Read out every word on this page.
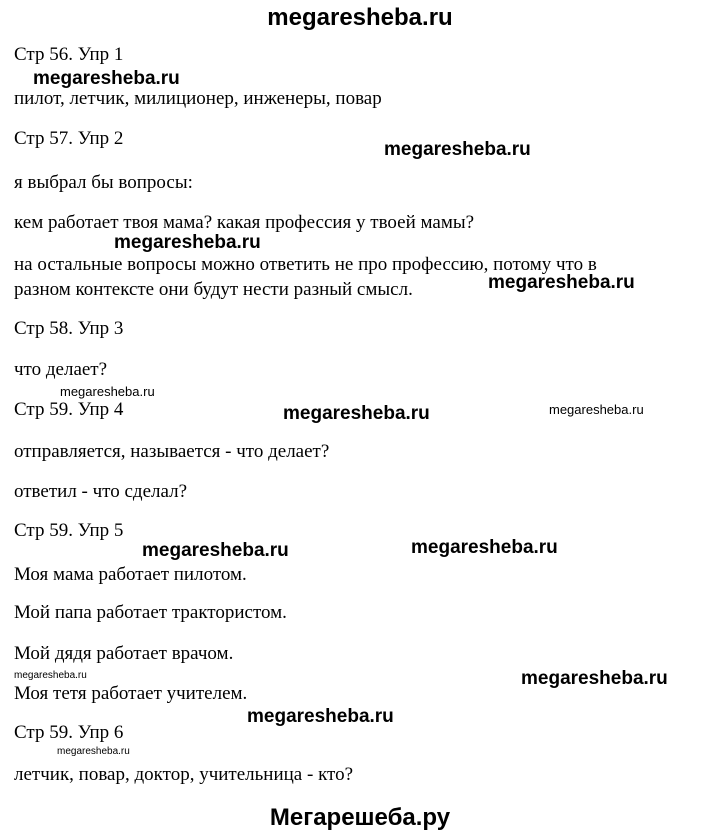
megaresheba.ru
Стр 56. Упр 1
пилот, летчик, милиционер, инженеры, повар
Стр 57. Упр 2
я выбрал бы вопросы:
кем работает твоя мама? какая профессия у твоей мамы?
на остальные вопросы можно ответить не про профессию, потому что в
разном контексте они будут нести разный смысл.
Стр 58. Упр 3
что делает?
Стр 59. Упр 4
отправляется, называется - что делает?
ответил - что сделал?
Стр 59. Упр 5
Моя мама работает пилотом.
Мой папа работает трактористом.
Мой дядя работает врачом.
Моя тетя работает учителем.
Стр 59. Упр 6
летчик, повар, доктор, учительница - кто?
megaresheba.ru
megaresheba.ru
megaresheba.ru
megaresheba.ru
megaresheba.ru
megaresheba.ru	megaresheba.ru
megaresheba.ru	megaresheba.ru
megaresheba.ru	megaresheba.ru
megaresheba.ru
megaresheba.ru
Мегарешеба.ру
